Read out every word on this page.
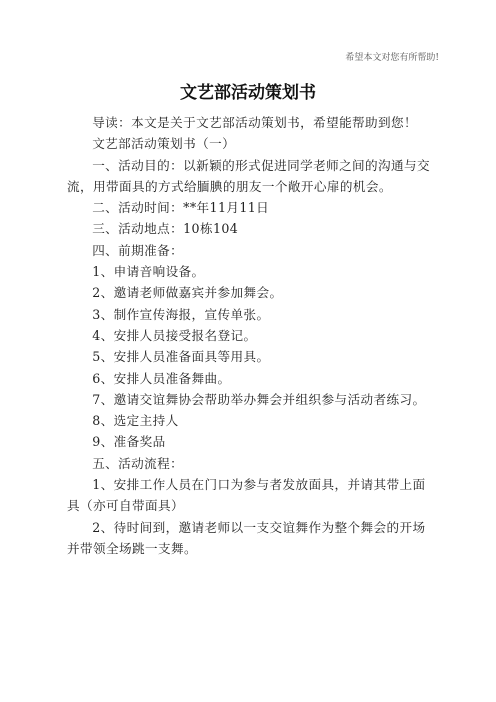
希望本文对您有所帮助!
文艺部活动策划书

导读：本文是关于文艺部活动策划书，希望能帮助到您！

文艺部活动策划书（一）

一、活动目的：以新颖的形式促进同学老师之间的沟通与交流，用带面具的方式给腼腆的朋友一个敞开心扉的机会。

二、活动时间：**年11月11日

三、活动地点：10栋104

四、前期准备：

1、申请音响设备。

2、邀请老师做嘉宾并参加舞会。

3、制作宣传海报，宣传单张。

4、安排人员接受报名登记。

5、安排人员准备面具等用具。

6、安排人员准备舞曲。

7、邀请交谊舞协会帮助举办舞会并组织参与活动者练习。

8、选定主持人

9、准备奖品

五、活动流程：

1、安排工作人员在门口为参与者发放面具，并请其带上面具（亦可自带面具）

2、待时间到，邀请老师以一支交谊舞作为整个舞会的开场并带领全场跳一支舞。
